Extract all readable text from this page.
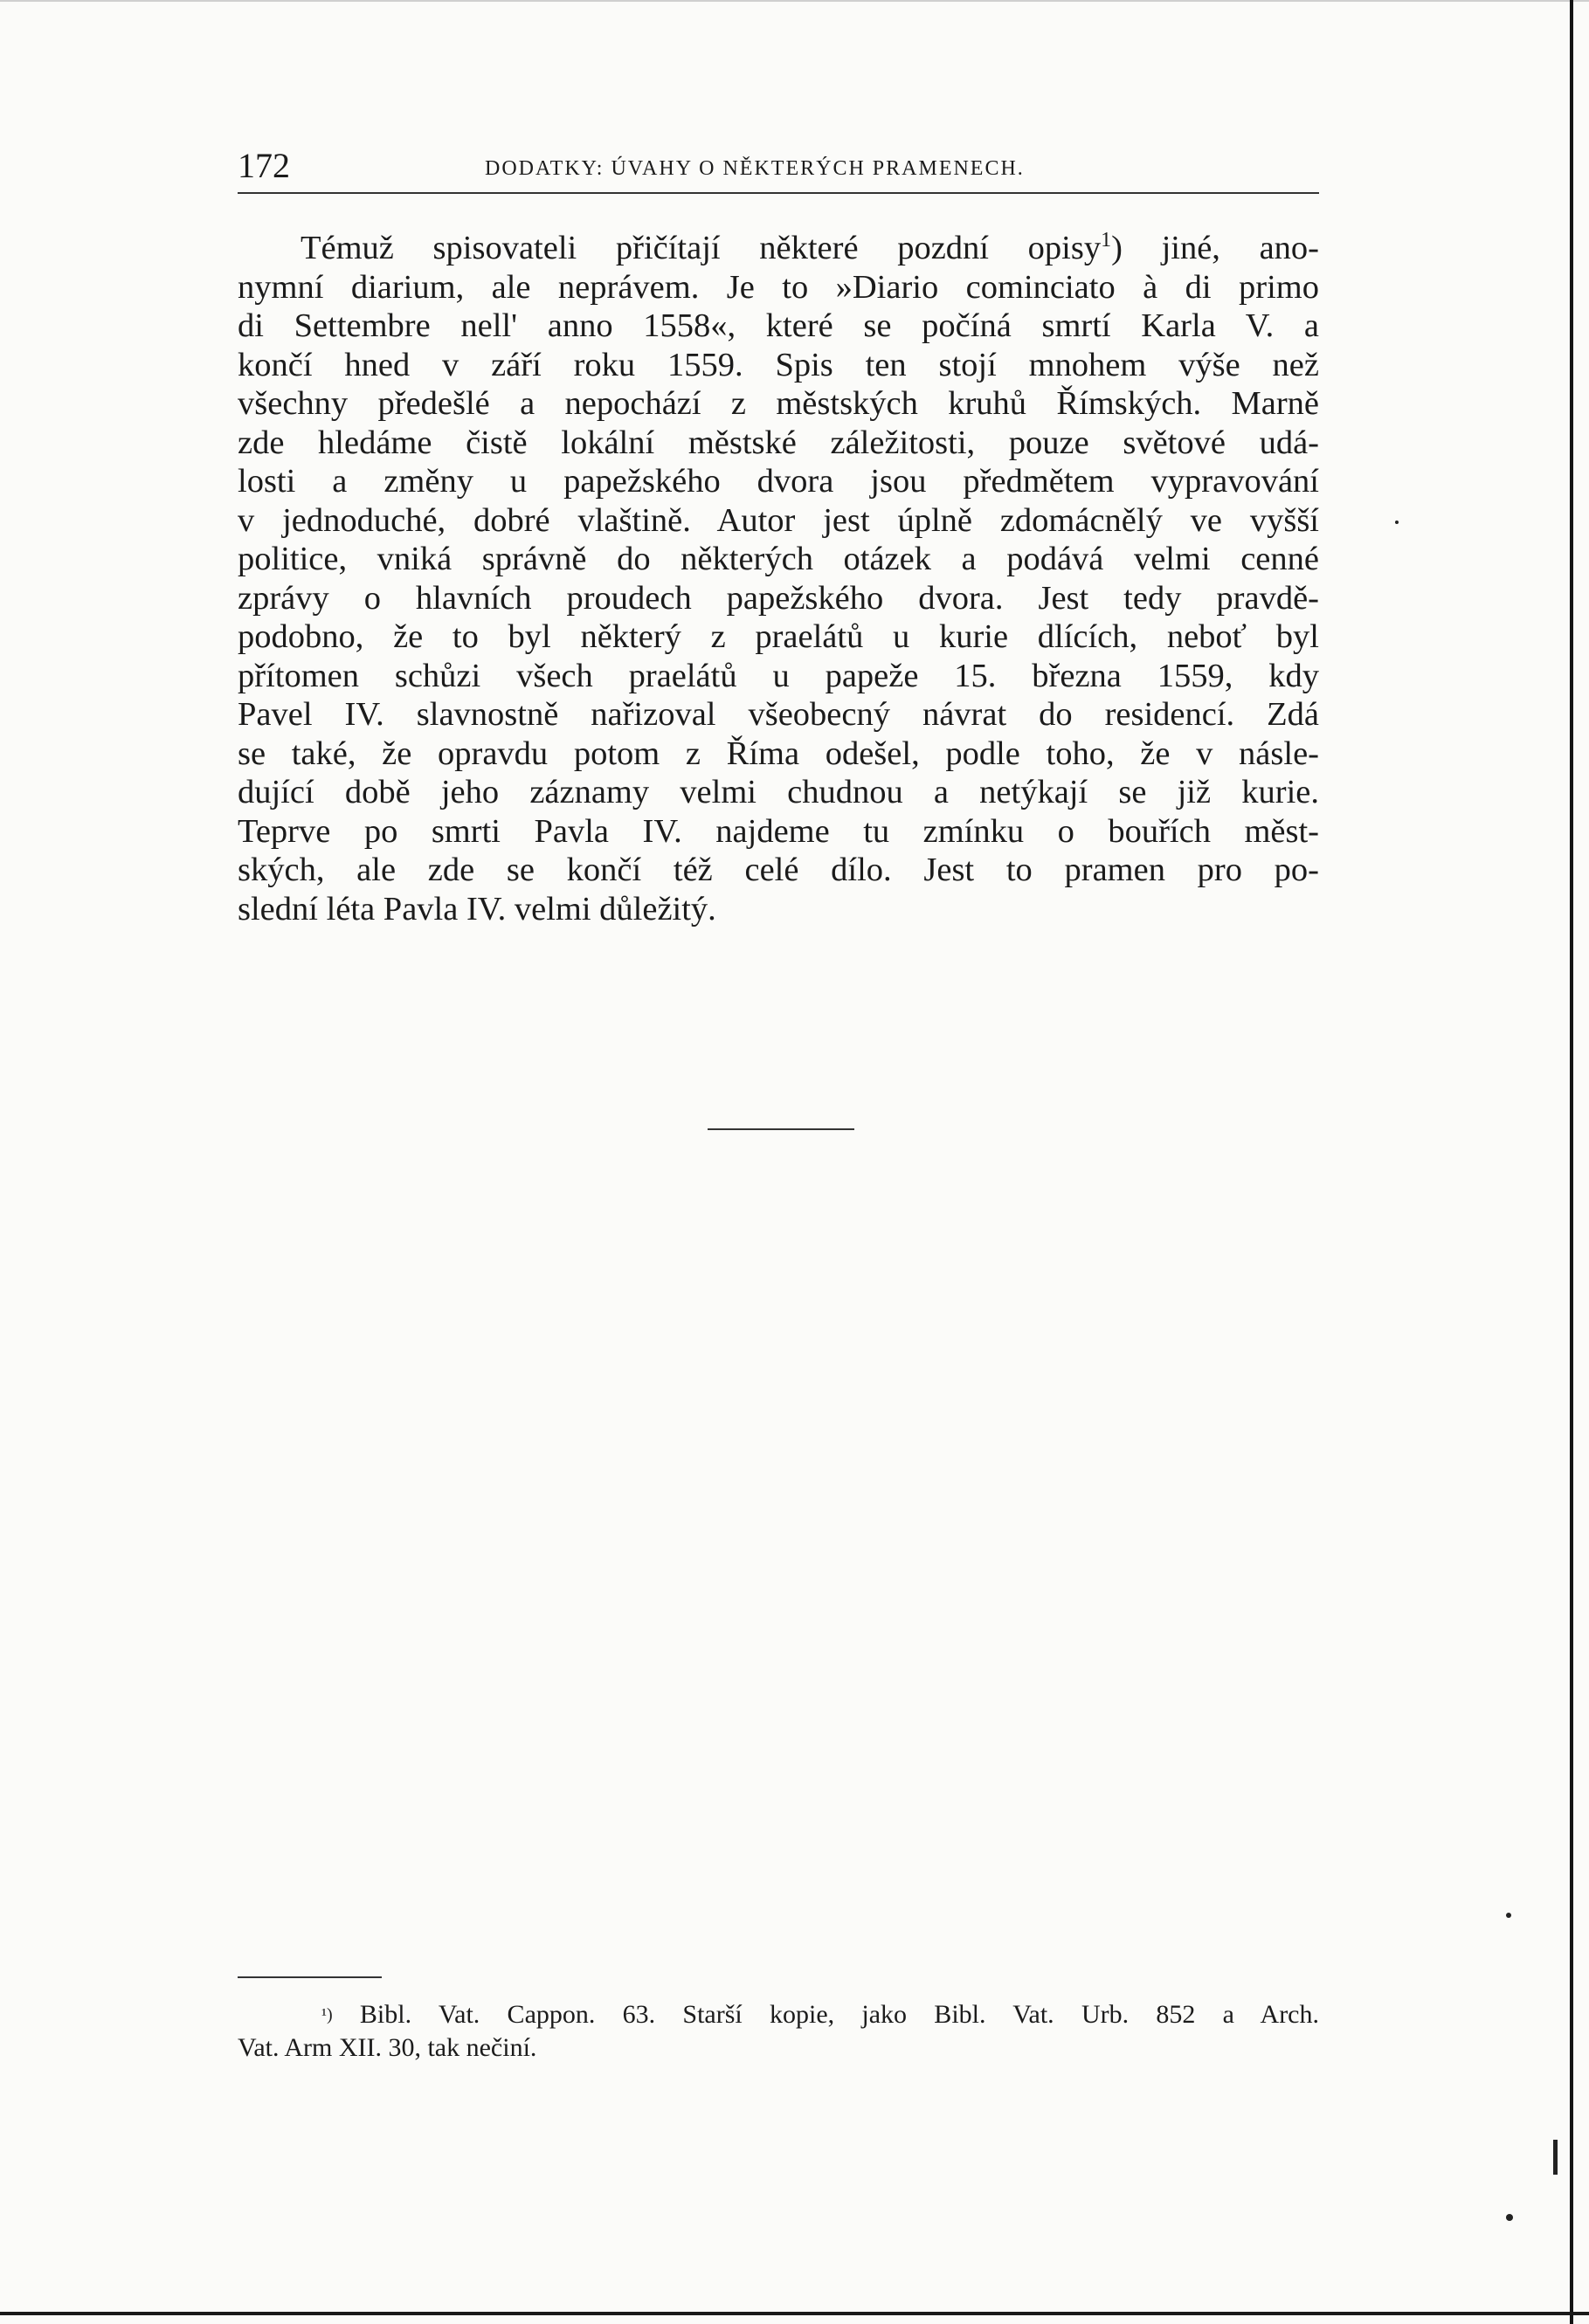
172	DODATKY: ÚVAHY O NĚKTERÝCH PRAMENECH.
Témuž spisovateli přičítají některé pozdní opisy$^1$) jiné, ano-
nymní diarium, ale neprávem. Je to »Diario cominciato à di primo
di Settembre nell' anno 1558«, které se počíná smrtí Karla V. a
končí hned v září roku 1559. Spis ten stojí mnohem výše než
všechny předešlé a nepochází z městských kruhů Římských. Marně
zde hledáme čistě lokální městské záležitosti, pouze světové udá-
losti a změny u papežského dvora jsou předmětem vypravování
v jednoduché, dobré vlaštině. Autor jest úplně zdomácnělý ve vyšší
politice, vniká správně do některých otázek a podává velmi cenné
zprávy o hlavních proudech papežského dvora. Jest tedy pravdě-
podobno, že to byl některý z praelátů u kurie dlících, neboť byl
přítomen schůzi všech praelátů u papeže 15. března 1559, kdy
Pavel IV. slavnostně nařizoval všeobecný návrat do residencí. Zdá
se také, že opravdu potom z Říma odešel, podle toho, že v násle-
dující době jeho záznamy velmi chudnou a netýkají se již kurie.
Teprve po smrti Pavla IV. najdeme tu zmínku o bouřích měst-
ských, ale zde se končí též celé dílo. Jest to pramen pro po-
slední léta Pavla IV. velmi důležitý.
$^{^1)}$ Bibl. Vat. Cappon. 63. Starší kopie, jako Bibl. Vat. Urb. 852 a Arch.
Vat. Arm XII. 30, tak nečiní.
